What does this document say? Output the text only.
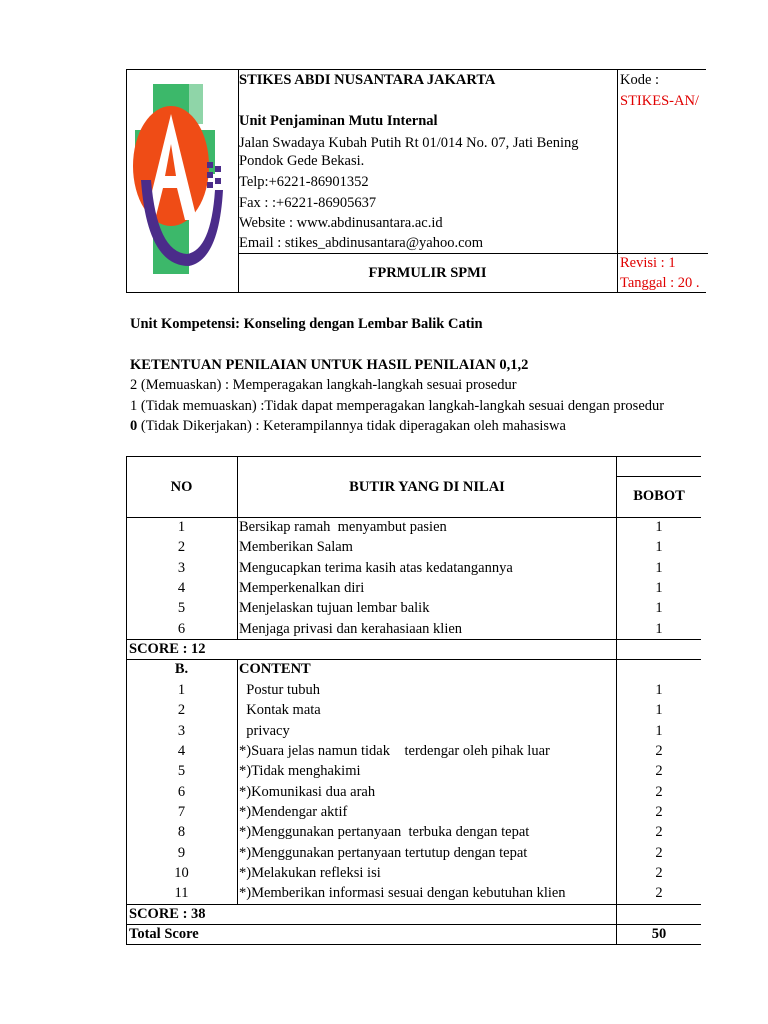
STIKES ABDI NUSANTARA JAKARTA
Unit Penjaminan Mutu Internal
Jalan Swadaya Kubah Putih Rt 01/014 No. 07, Jati Bening
Pondok Gede Bekasi.
Telp:+6221-86901352
Fax : :+6221-86905637
Website : www.abdinusantara.ac.id
Email : stikes_abdinusantara@yahoo.com
Kode :
STIKES-AN/
FPRMULIR SPMI
Revisi : 1
Tanggal : 20 .
Unit Kompetensi: Konseling dengan Lembar Balik Catin
KETENTUAN PENILAIAN UNTUK HASIL PENILAIAN 0,1,2
2 (Memuaskan) : Memperagakan langkah-langkah sesuai prosedur
1 (Tidak memuaskan) :Tidak dapat memperagakan langkah-langkah sesuai dengan prosedur
0 (Tidak Dikerjakan) : Keterampilannya tidak diperagakan oleh mahasiswa
NO	BUTIR YANG DI NILAI
BOBOT
1	Bersikap ramah  menyambut pasien	1
2	Memberikan Salam	1
3	Mengucapkan terima kasih atas kedatangannya	1
4	Memperkenalkan diri	1
5	Menjelaskan tujuan lembar balik	1
6	Menjaga privasi dan kerahasiaan klien	1
SCORE : 12
B.	CONTENT
1	Postur tubuh	1
2	Kontak mata	1
3	privacy	1
4	*)Suara jelas namun tidak    terdengar oleh pihak luar	2
5	*)Tidak menghakimi	2
6	*)Komunikasi dua arah	2
7	*)Mendengar aktif	2
8	*)Menggunakan pertanyaan  terbuka dengan tepat	2
9	*)Menggunakan pertanyaan tertutup dengan tepat	2
10	*)Melakukan refleksi isi	2
11	*)Memberikan informasi sesuai dengan kebutuhan klien	2
SCORE : 38
Total Score	50
